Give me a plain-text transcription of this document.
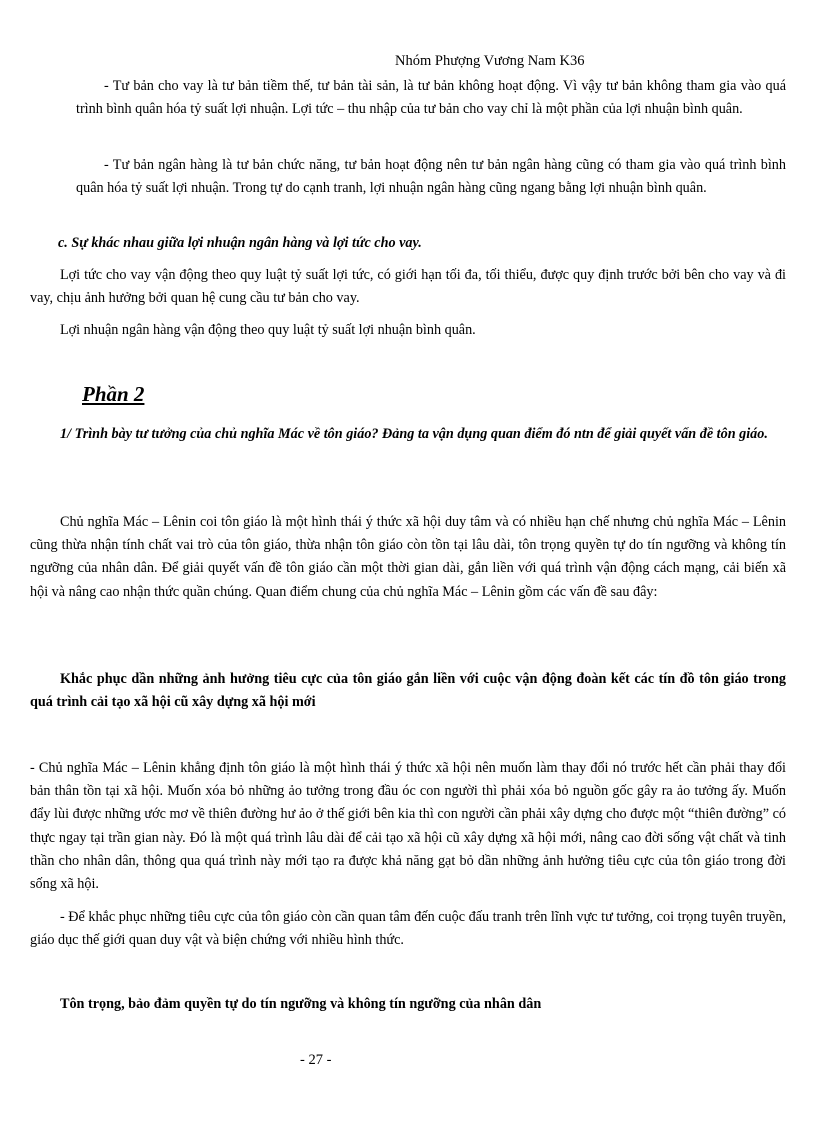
Nhóm Phượng Vương Nam K36
- Tư bản cho vay là tư bản tiềm thế, tư bản tài sản, là tư bản không hoạt động. Vì vậy tư bản không tham gia vào quá trình bình quân hóa tỷ suất lợi nhuận. Lợi tức – thu nhập của tư bản cho vay chỉ là một phần của lợi nhuận bình quân.
- Tư bản ngân hàng là tư bản chức năng, tư bản hoạt động nên tư bản ngân hàng cũng có tham gia vào quá trình bình quân hóa tỷ suất lợi nhuận. Trong tự do cạnh tranh, lợi nhuận ngân hàng cũng ngang bằng lợi nhuận bình quân.
c. Sự khác nhau giữa lợi nhuận ngân hàng và lợi tức cho vay.
Lợi tức cho vay vận động theo quy luật tỷ suất lợi tức, có giới hạn tối đa, tối thiểu, được quy định trước bởi bên cho vay và đi vay, chịu ảnh hưởng bởi quan hệ cung cầu tư bản cho vay.
Lợi nhuận ngân hàng vận động theo quy luật tỷ suất lợi nhuận bình quân.
Phần 2
1/ Trình bày tư tưởng của chủ nghĩa Mác về tôn giáo? Đảng ta vận dụng quan điểm đó ntn để giải quyết vấn đề tôn giáo.
Chủ nghĩa Mác – Lênin coi tôn giáo là một hình thái ý thức xã hội duy tâm và có nhiều hạn chế nhưng chủ nghĩa Mác – Lênin cũng thừa nhận tính chất vai trò của tôn giáo, thừa nhận tôn giáo còn tồn tại lâu dài, tôn trọng quyền tự do tín ngưỡng và không tín ngưỡng của nhân dân. Để giải quyết vấn đề tôn giáo cần một thời gian dài, gắn liền với quá trình vận động cách mạng, cải biến xã hội và nâng cao nhận thức quần chúng. Quan điểm chung của chủ nghĩa Mác – Lênin gồm các vấn đề sau đây:
Khắc phục dần những ảnh hưởng tiêu cực của tôn giáo gắn liền với cuộc vận động đoàn kết các tín đồ tôn giáo trong quá trình cải tạo xã hội cũ xây dựng xã hội mới
- Chủ nghĩa Mác – Lênin khẳng định tôn giáo là một hình thái ý thức xã hội nên muốn làm thay đổi nó trước hết cần phải thay đổi bản thân tồn tại xã hội. Muốn xóa bỏ những ảo tưởng trong đầu óc con người thì phải xóa bỏ nguồn gốc gây ra ảo tưởng ấy. Muốn đẩy lùi được những ước mơ về thiên đường hư ảo ở thế giới bên kia thì con người cần phải xây dựng cho được một “thiên đường” có thực ngay tại trần gian này. Đó là một quá trình lâu dài để cải tạo xã hội cũ xây dựng xã hội mới, nâng cao đời sống vật chất và tinh thần cho nhân dân, thông qua quá trình này mới tạo ra được khả năng gạt bỏ dần những ảnh hưởng tiêu cực của tôn giáo trong đời sống xã hội.
- Để khắc phục những tiêu cực của tôn giáo còn cần quan tâm đến cuộc đấu tranh trên lĩnh vực tư tưởng, coi trọng tuyên truyền, giáo dục thế giới quan duy vật và biện chứng với nhiều hình thức.
Tôn trọng, bảo đảm quyền tự do tín ngưỡng và không tín ngưỡng của nhân dân
- 27 -
